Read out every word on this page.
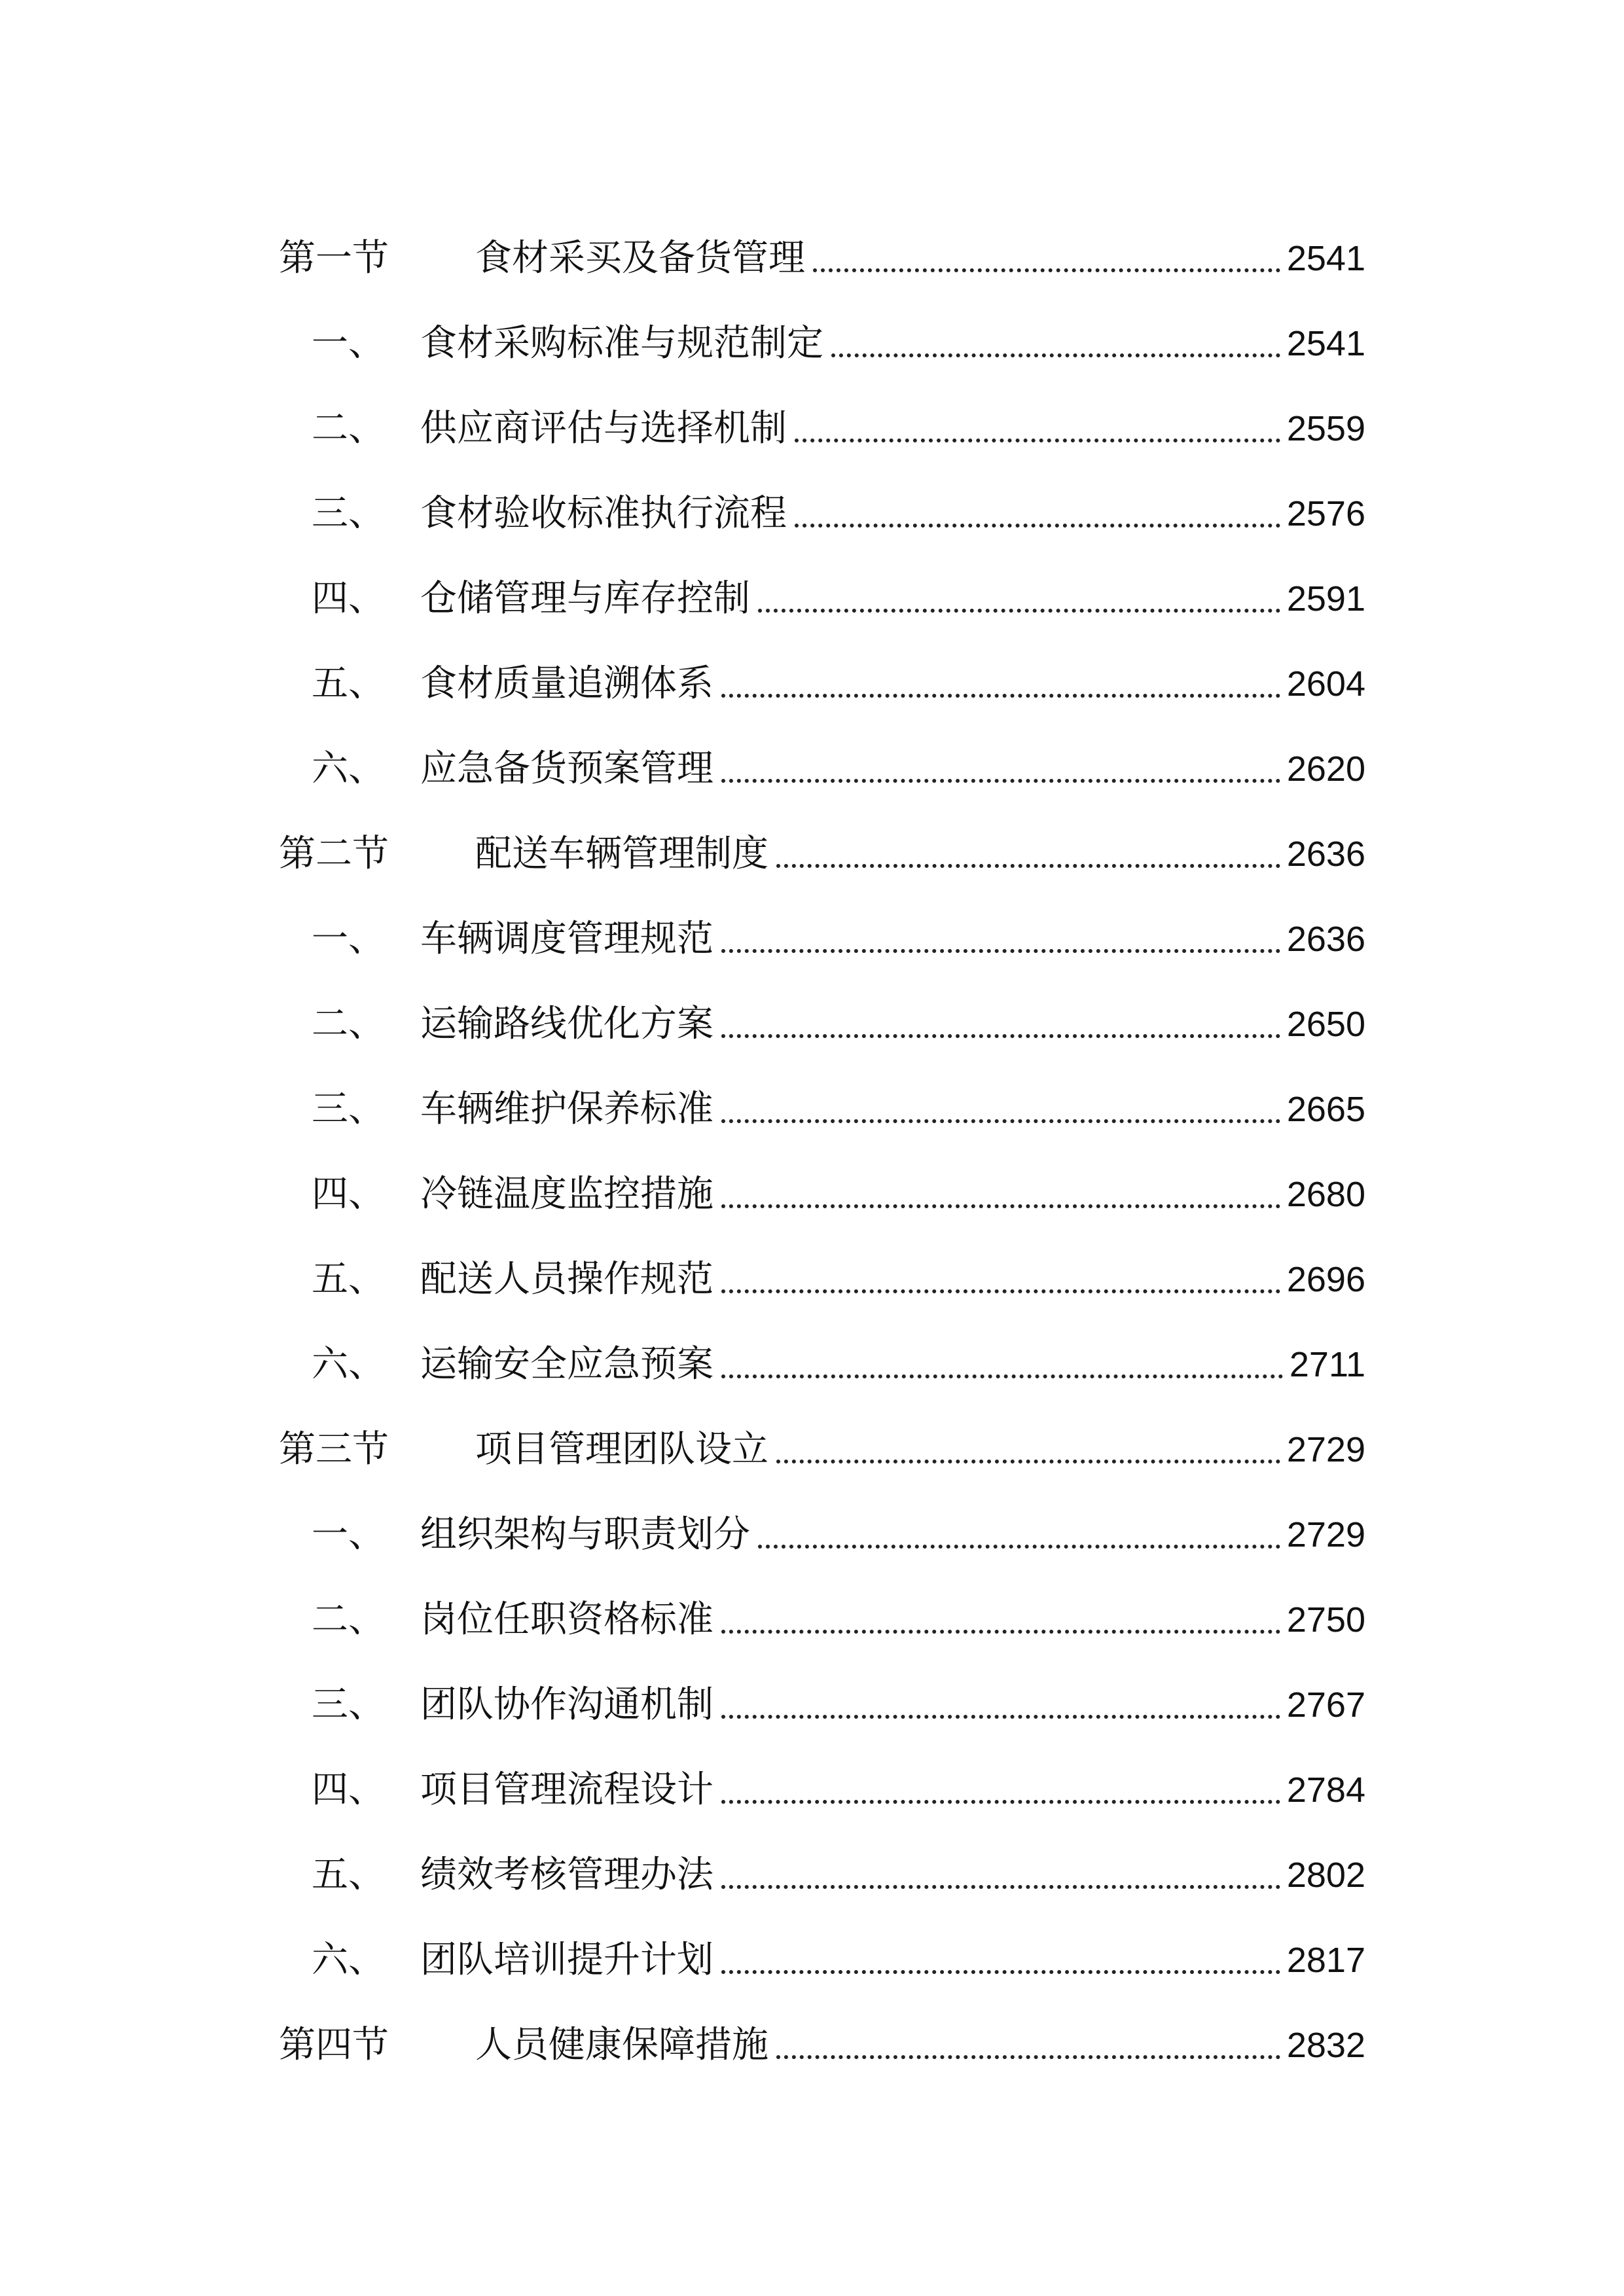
第一节	食材采买及备货管理	2541
一、 食材采购标准与规范制定	2541
二、 供应商评估与选择机制	2559
三、 食材验收标准执行流程	2576
四、 仓储管理与库存控制	2591
五、 食材质量追溯体系	2604
六、 应急备货预案管理	2620
第二节	配送车辆管理制度	2636
一、 车辆调度管理规范	2636
二、 运输路线优化方案	2650
三、 车辆维护保养标准	2665
四、 冷链温度监控措施	2680
五、 配送人员操作规范	2696
六、 运输安全应急预案	2711
第三节	项目管理团队设立	2729
一、 组织架构与职责划分	2729
二、 岗位任职资格标准	2750
三、 团队协作沟通机制	2767
四、 项目管理流程设计	2784
五、 绩效考核管理办法	2802
六、 团队培训提升计划	2817
第四节	人员健康保障措施	2832
